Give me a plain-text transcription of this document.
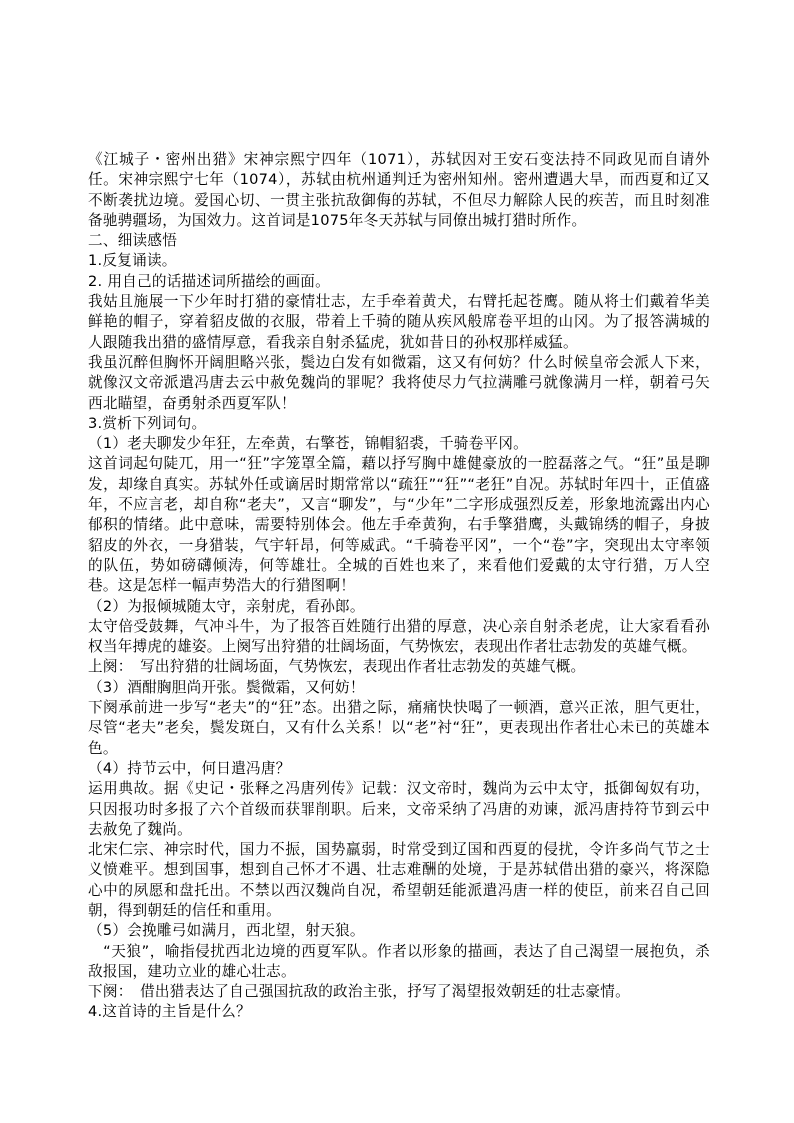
《江城子・密州出猎》宋神宗熙宁四年（1071），苏轼因对王安石变法持不同政见而自请外任。宋神宗熙宁七年（1074），苏轼由杭州通判迁为密州知州。密州遭遇大旱，而西夏和辽又不断袭扰边境。爱国心切、一贯主张抗敌御侮的苏轼，不但尽力解除人民的疾苦，而且时刻准备驰骋疆场，为国效力。这首词是1075年冬天苏轼与同僚出城打猎时所作。

二、细读感悟

1.反复诵读。

2. 用自己的话描述词所描绘的画面。

我姑且施展一下少年时打猎的豪情壮志，左手牵着黄犬，右臂托起苍鹰。随从将士们戴着华美鲜艳的帽子，穿着貂皮做的衣服，带着上千骑的随从疾风般席卷平坦的山冈。为了报答满城的人跟随我出猎的盛情厚意，看我亲自射杀猛虎，犹如昔日的孙权那样威猛。

我虽沉醉但胸怀开阔胆略兴张，鬓边白发有如微霜，这又有何妨？什么时候皇帝会派人下来，就像汉文帝派遣冯唐去云中赦免魏尚的罪呢？我将使尽力气拉满雕弓就像满月一样，朝着弓矢西北瞄望，奋勇射杀西夏军队！

3.赏析下列词句。

（1）老夫聊发少年狂，左牵黄，右擎苍，锦帽貂裘，千骑卷平冈。

这首词起句陡兀，用一“狂”字笼罩全篇，藉以抒写胸中雄健豪放的一腔磊落之气。“狂”虽是聊发，却缘自真实。苏轼外任或谪居时期常常以“疏狂”“狂”“老狂”自况。苏轼时年四十，正值盛年，不应言老，却自称“老夫”，又言“聊发”，与“少年”二字形成强烈反差，形象地流露出内心郁积的情绪。此中意味，需要特别体会。他左手牵黄狗，右手擎猎鹰，头戴锦绣的帽子，身披貂皮的外衣，一身猎装，气宇轩昂，何等威武。“千骑卷平冈”，一个“卷”字，突现出太守率领的队伍，势如磅礴倾涛，何等雄壮。全城的百姓也来了，来看他们爱戴的太守行猎，万人空巷。这是怎样一幅声势浩大的行猎图啊！

（2）为报倾城随太守，亲射虎，看孙郎。

太守倍受鼓舞，气冲斗牛，为了报答百姓随行出猎的厚意，决心亲自射杀老虎，让大家看看孙权当年搏虎的雄姿。上阕写出狩猎的壮阔场面，气势恢宏，表现出作者壮志勃发的英雄气概。

上阕：　写出狩猎的壮阔场面，气势恢宏，表现出作者壮志勃发的英雄气概。

（3）酒酣胸胆尚开张。鬓微霜，又何妨！

下阕承前进一步写“老夫”的“狂”态。出猎之际，痛痛快快喝了一顿酒，意兴正浓，胆气更壮，尽管“老夫”老矣，鬓发斑白，又有什么关系！以“老”衬“狂”，更表现出作者壮心未已的英雄本色。

（4）持节云中，何日遣冯唐？

运用典故。据《史记・张释之冯唐列传》记载：汉文帝时，魏尚为云中太守，抵御匈奴有功，只因报功时多报了六个首级而获罪削职。后来，文帝采纳了冯唐的劝谏，派冯唐持符节到云中去赦免了魏尚。

北宋仁宗、神宗时代，国力不振，国势羸弱，时常受到辽国和西夏的侵扰，令许多尚气节之士义愤难平。想到国事，想到自己怀才不遇、壮志难酬的处境，于是苏轼借出猎的豪兴，将深隐心中的夙愿和盘托出。不禁以西汉魏尚自况，希望朝廷能派遣冯唐一样的使臣，前来召自己回朝，得到朝廷的信任和重用。

（5）会挽雕弓如满月，西北望，射天狼。

　“天狼”，喻指侵扰西北边境的西夏军队。作者以形象的描画，表达了自己渴望一展抱负，杀敌报国，建功立业的雄心壮志。

下阕：　借出猎表达了自己强国抗敌的政治主张，抒写了渴望报效朝廷的壮志豪情。

4.这首诗的主旨是什么？
